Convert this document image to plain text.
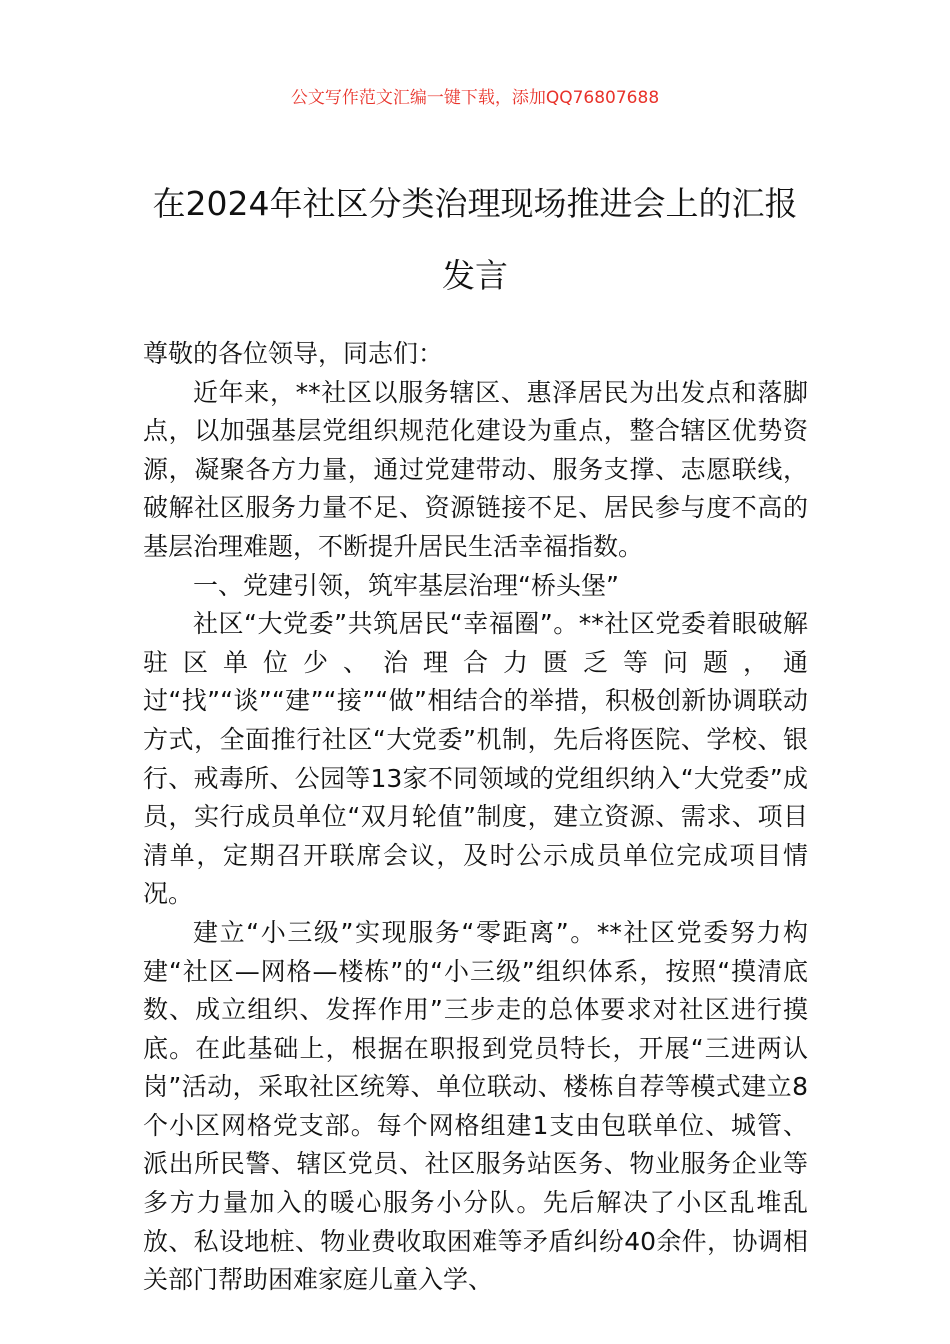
公文写作范文汇编一键下载，添加QQ76807688
在2024年社区分类治理现场推进会上的汇报发言

尊敬的各位领导，同志们：

近年来，**社区以服务辖区、惠泽居民为出发点和落脚点，以加强基层党组织规范化建设为重点，整合辖区优势资源，凝聚各方力量，通过党建带动、服务支撑、志愿联线，破解社区服务力量不足、资源链接不足、居民参与度不高的基层治理难题，不断提升居民生活幸福指数。

一、党建引领，筑牢基层治理“桥头堡”

社区“大党委”共筑居民“幸福圈”。**社区党委着眼破解驻区单位少、治理合力匮乏等问题，通过“找”“谈”“建”“接”“做”相结合的举措，积极创新协调联动方式，全面推行社区“大党委”机制，先后将医院、学校、银行、戒毒所、公园等13家不同领域的党组织纳入“大党委”成员，实行成员单位“双月轮值”制度，建立资源、需求、项目清单，定期召开联席会议，及时公示成员单位完成项目情况。

建立“小三级”实现服务“零距离”。**社区党委努力构建“社区—网格—楼栋”的“小三级”组织体系，按照“摸清底数、成立组织、发挥作用”三步走的总体要求对社区进行摸底。在此基础上，根据在职报到党员特长，开展“三进两认岗”活动，采取社区统筹、单位联动、楼栋自荐等模式建立8个小区网格党支部。每个网格组建1支由包联单位、城管、派出所民警、辖区党员、社区服务站医务、物业服务企业等多方力量加入的暖心服务小分队。先后解决了小区乱堆乱放、私设地桩、物业费收取困难等矛盾纠纷40余件，协调相关部门帮助困难家庭儿童入学、
